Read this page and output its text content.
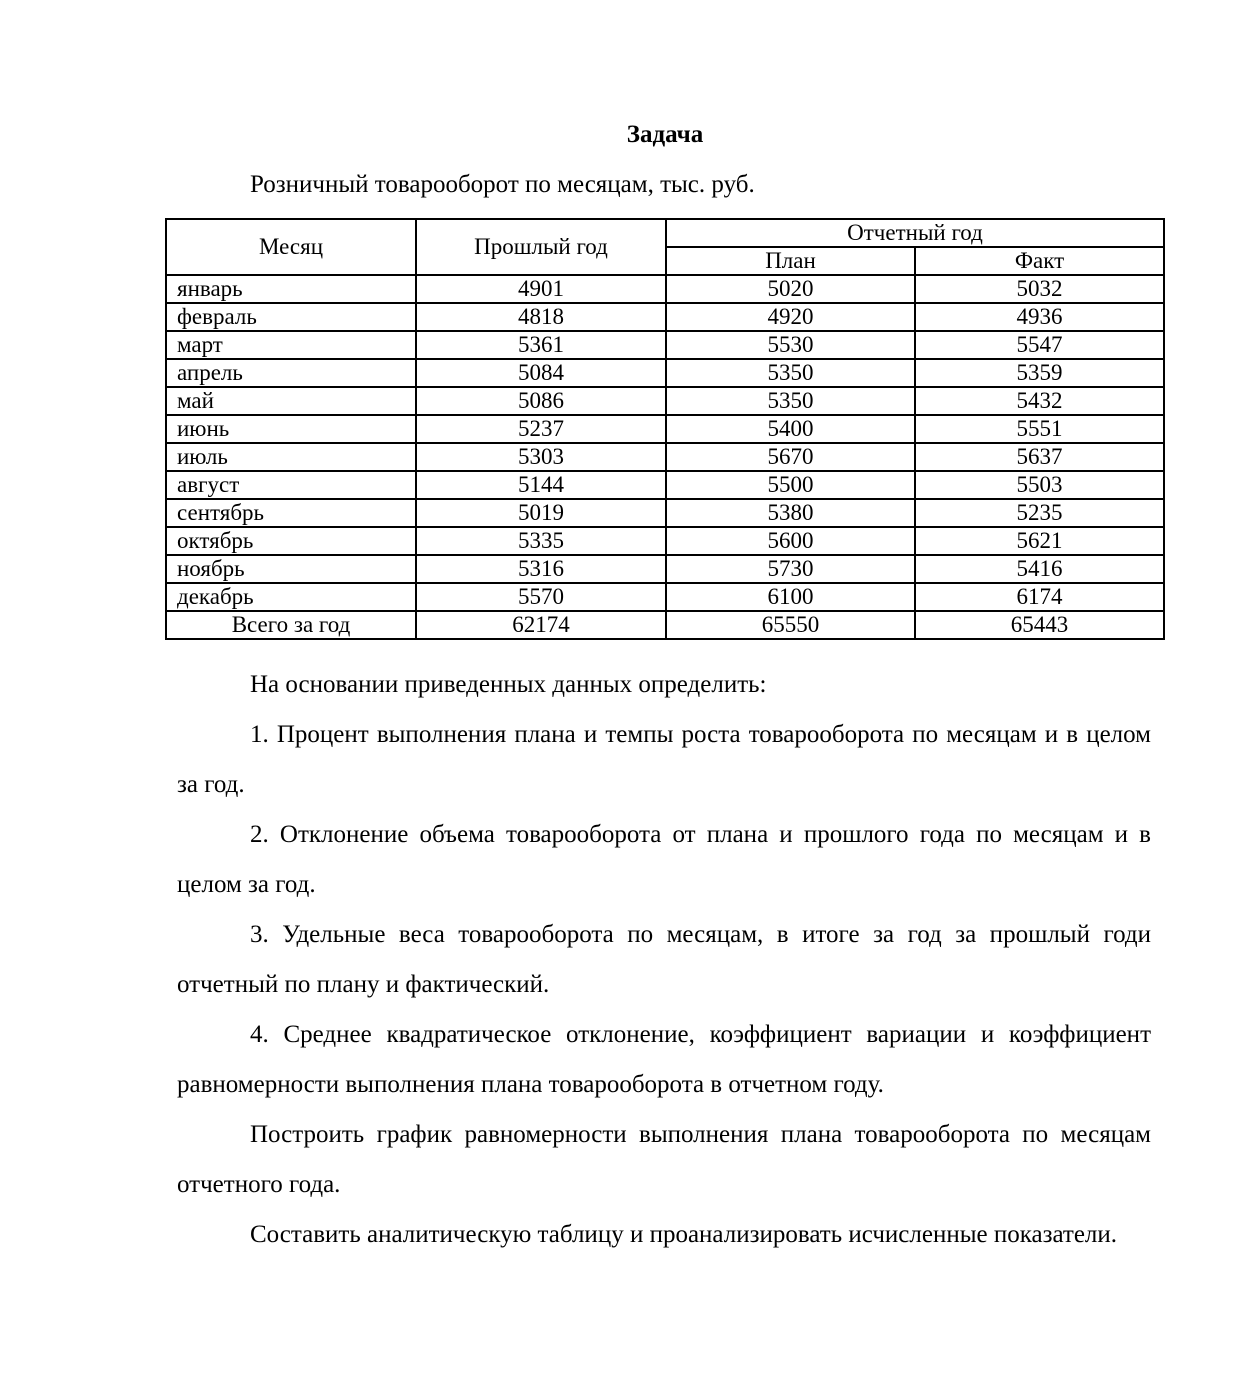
Задача
Розничный товарооборот по месяцам, тыс. руб.
Месяц	Прошлый год	Отчетный год	
		План	Факт
январь	4901	5020	5032
февраль	4818	4920	4936
март	5361	5530	5547
апрель	5084	5350	5359
май	5086	5350	5432
июнь	5237	5400	5551
июль	5303	5670	5637
август	5144	5500	5503
сентябрь	5019	5380	5235
октябрь	5335	5600	5621
ноябрь	5316	5730	5416
декабрь	5570	6100	6174
Всего за год	62174	65550	65443
На основании приведенных данных определить:

1. Процент выполнения плана и темпы роста товарооборота по месяцам и в целом за год.

2. Отклонение объема товарооборота от плана и прошлого года по месяцам и в целом за год.

3. Удельные веса товарооборота по месяцам, в итоге за год за прошлый годи отчетный по плану и фактический.

4. Среднее квадратическое отклонение, коэффициент вариации и коэффициент равномерности выполнения плана товарооборота в отчетном году.

Построить график равномерности выполнения плана товарооборота по месяцам отчетного года.

Составить аналитическую таблицу и проанализировать исчисленные показатели.
